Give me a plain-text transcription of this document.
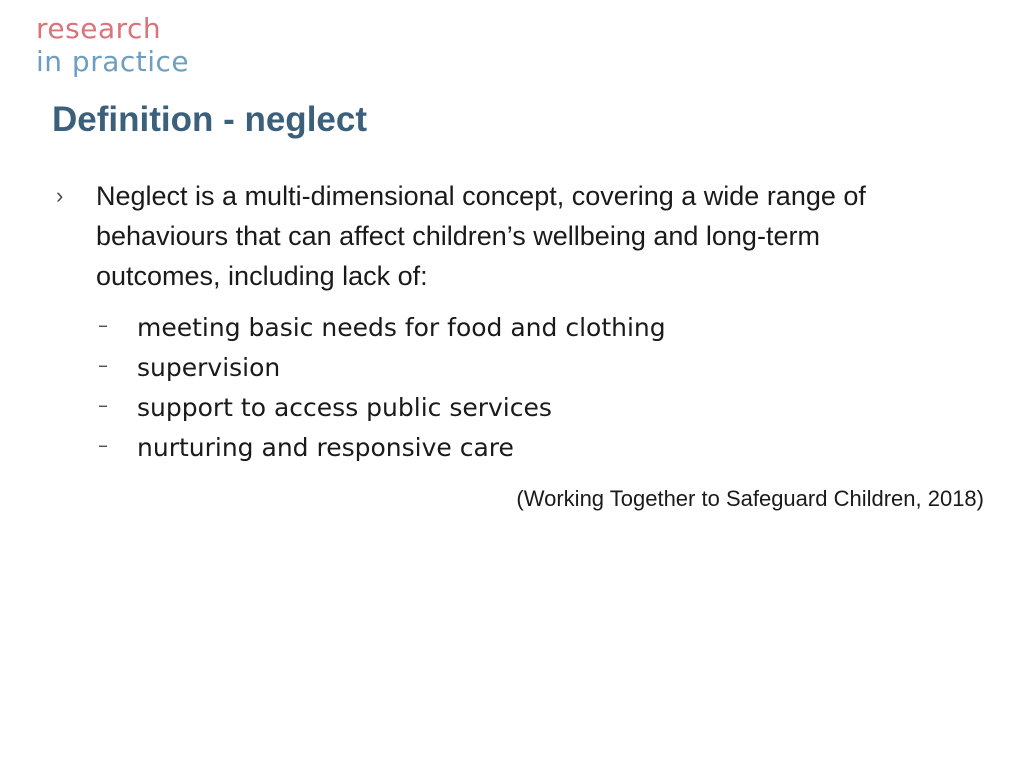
research
in practice
Definition - neglect
› Neglect is a multi-dimensional concept, covering a wide range of behaviours that can affect children’s wellbeing and long-term outcomes, including lack of:
– meeting basic needs for food and clothing
– supervision
– support to access public services
– nurturing and responsive care
(Working Together to Safeguard Children, 2018)
